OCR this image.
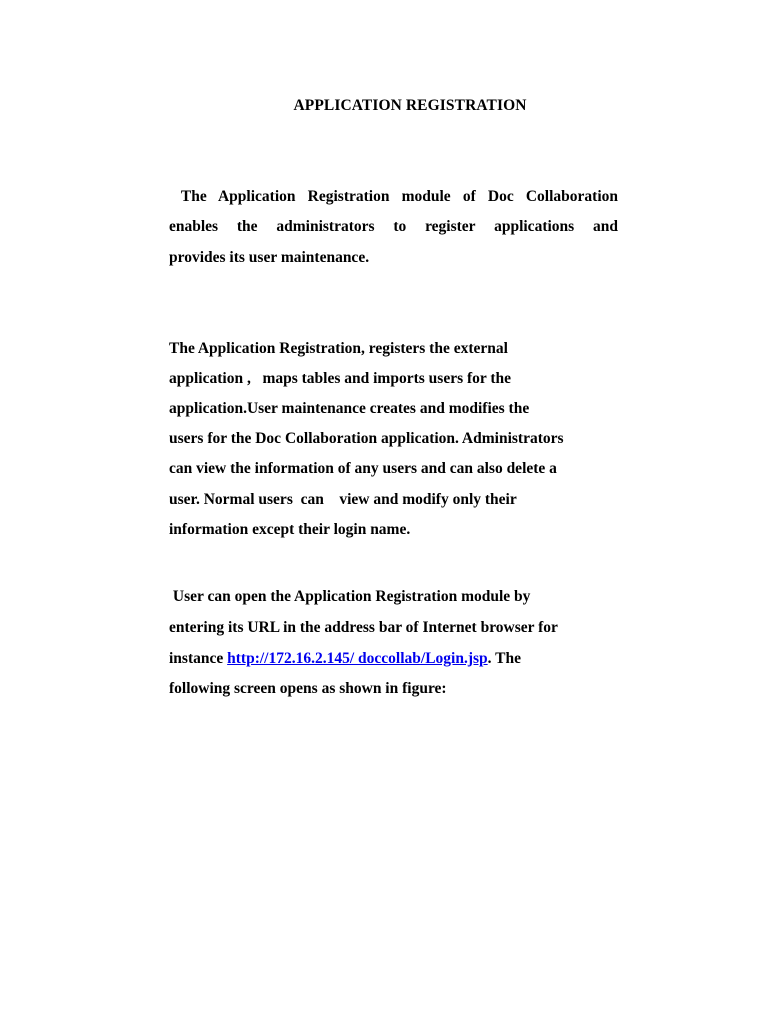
APPLICATION REGISTRATION
The Application Registration module of Doc Collaboration
enables the administrators to register applications and
provides its user maintenance.
The Application Registration, registers the external
application ,   maps tables and imports users for the
application.User maintenance creates and modifies the
users for the Doc Collaboration application. Administrators
can view the information of any users and can also delete a
user. Normal users  can    view and modify only their
information except their login name.
User can open the Application Registration module by
entering its URL in the address bar of Internet browser for
instance http://172.16.2.145/ doccollab/Login.jsp. The
following screen opens as shown in figure:
